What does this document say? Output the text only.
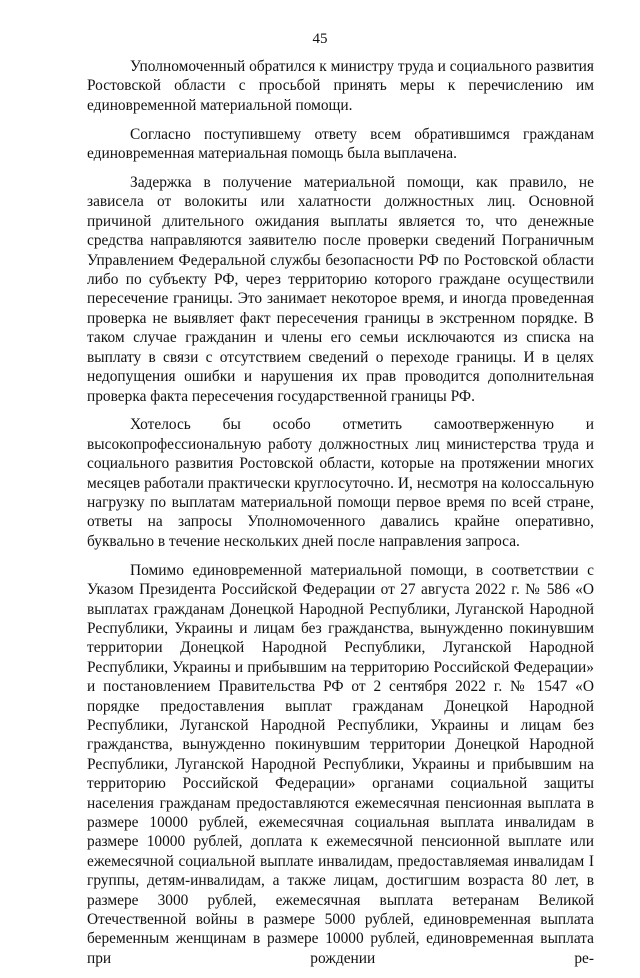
45

Уполномоченный обратился к министру труда и социального развития Ростовской области с просьбой принять меры к перечислению им единовременной материальной помощи.

Согласно поступившему ответу всем обратившимся гражданам единовременная материальная помощь была выплачена.

Задержка в получение материальной помощи, как правило, не зависела от волокиты или халатности должностных лиц. Основной причиной длительного ожидания выплаты является то, что денежные средства направляются заявителю после проверки сведений Пограничным Управлением Федеральной службы безопасности РФ по Ростовской области либо по субъекту РФ, через территорию которого граждане осуществили пересечение границы. Это занимает некоторое время, и иногда проведенная проверка не выявляет факт пересечения границы в экстренном порядке. В таком случае гражданин и члены его семьи исключаются из списка на выплату в связи с отсутствием сведений о переходе границы. И в целях недопущения ошибки и нарушения их прав проводится дополнительная проверка факта пересечения государственной границы РФ.

Хотелось бы особо отметить самоотверженную и высокопрофессиональную работу должностных лиц министерства труда и социального развития Ростовской области, которые на протяжении многих месяцев работали практически круглосуточно. И, несмотря на колоссальную нагрузку по выплатам материальной помощи первое время по всей стране, ответы на запросы Уполномоченного давались крайне оперативно, буквально в течение нескольких дней после направления запроса.

Помимо единовременной материальной помощи, в соответствии с Указом Президента Российской Федерации от 27 августа 2022 г. № 586 «О выплатах гражданам Донецкой Народной Республики, Луганской Народной Республики, Украины и лицам без гражданства, вынужденно покинувшим территории Донецкой Народной Республики, Луганской Народной Республики, Украины и прибывшим на территорию Российской Федерации» и постановлением Правительства РФ от 2 сентября 2022 г. № 1547 «О порядке предоставления выплат гражданам Донецкой Народной Республики, Луганской Народной Республики, Украины и лицам без гражданства, вынужденно покинувшим территории Донецкой Народной Республики, Луганской Народной Республики, Украины и прибывшим на территорию Российской Федерации» органами социальной защиты населения гражданам предоставляются ежемесячная пенсионная выплата в размере 10000 рублей, ежемесячная социальная выплата инвалидам в размере 10000 рублей, доплата к ежемесячной пенсионной выплате или ежемесячной социальной выплате инвалидам, предоставляемая инвалидам I группы, детям-инвалидам, а также лицам, достигшим возраста 80 лет, в размере 3000 рублей, ежемесячная выплата ветеранам Великой Отечественной войны в размере 5000 рублей, единовременная выплата беременным женщинам в размере 10000 рублей, единовременная выплата при рождении ре-
